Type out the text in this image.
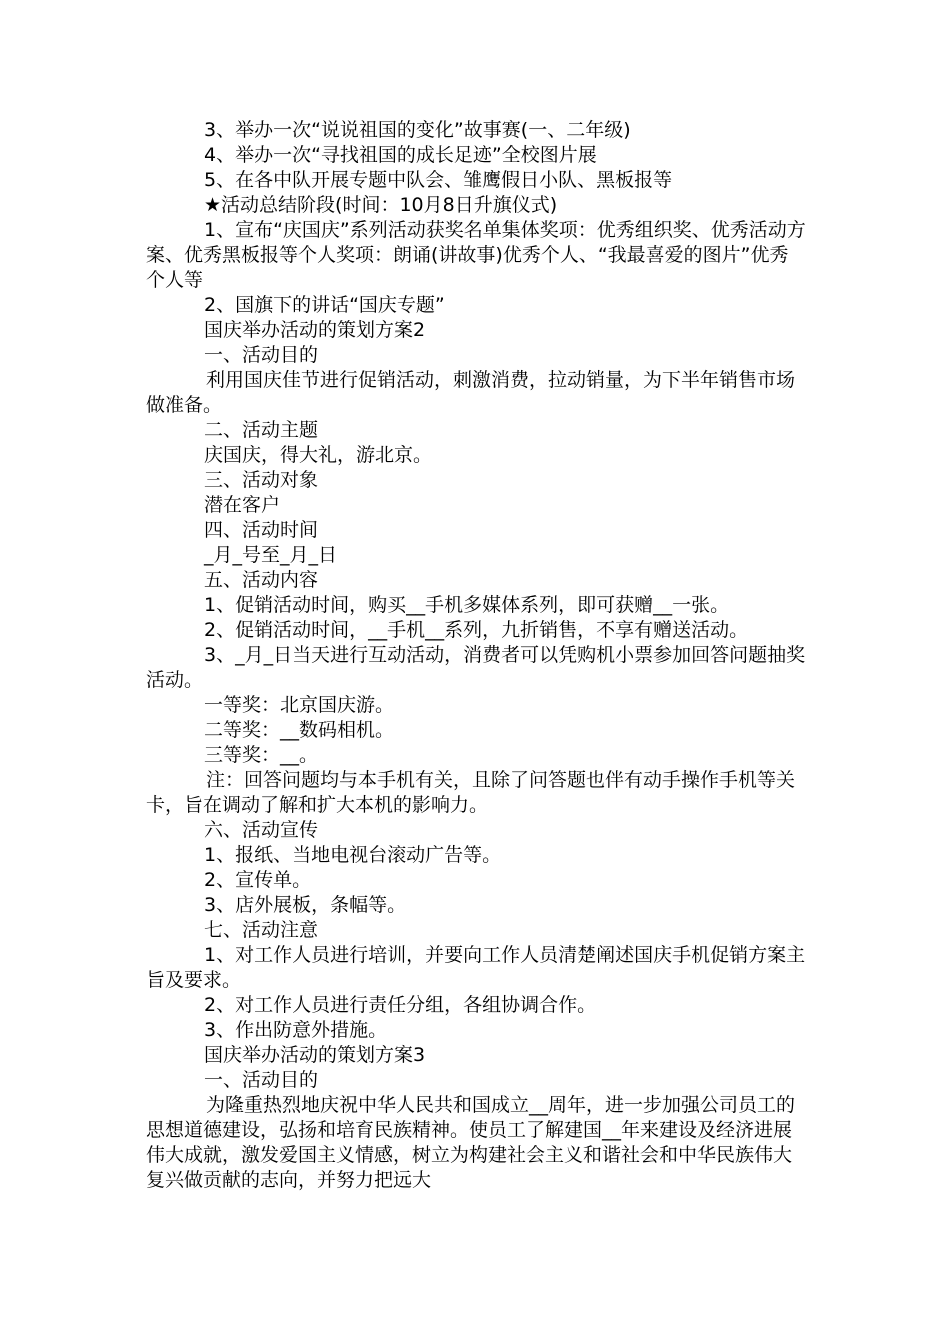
3、举办一次“说说祖国的变化”故事赛(一、二年级)

4、举办一次“寻找祖国的成长足迹”全校图片展

5、在各中队开展专题中队会、雏鹰假日小队、黑板报等

★活动总结阶段(时间：10月8日升旗仪式)

1、宣布“庆国庆”系列活动获奖名单集体奖项：优秀组织奖、优秀活动方案、优秀黑板报等个人奖项：朗诵(讲故事)优秀个人、“我最喜爱的图片”优秀个人等

2、国旗下的讲话“国庆专题”

国庆举办活动的策划方案2

一、活动目的

利用国庆佳节进行促销活动，刺激消费，拉动销量，为下半年销售市场做准备。

二、活动主题

庆国庆，得大礼，游北京。

三、活动对象

潜在客户

四、活动时间

_月_号至_月_日

五、活动内容

1、促销活动时间，购买__手机多媒体系列，即可获赠__一张。

2、促销活动时间，__手机__系列，九折销售，不享有赠送活动。

3、_月_日当天进行互动活动，消费者可以凭购机小票参加回答问题抽奖活动。

一等奖：北京国庆游。

二等奖：__数码相机。

三等奖：__。

注：回答问题均与本手机有关，且除了问答题也伴有动手操作手机等关卡，旨在调动了解和扩大本机的影响力。

六、活动宣传

1、报纸、当地电视台滚动广告等。

2、宣传单。

3、店外展板，条幅等。

七、活动注意

1、对工作人员进行培训，并要向工作人员清楚阐述国庆手机促销方案主旨及要求。

2、对工作人员进行责任分组，各组协调合作。

3、作出防意外措施。

国庆举办活动的策划方案3

一、活动目的

为隆重热烈地庆祝中华人民共和国成立__周年，进一步加强公司员工的思想道德建设，弘扬和培育民族精神。使员工了解建国__年来建设及经济进展伟大成就，激发爱国主义情感，树立为构建社会主义和谐社会和中华民族伟大复兴做贡献的志向，并努力把远大
